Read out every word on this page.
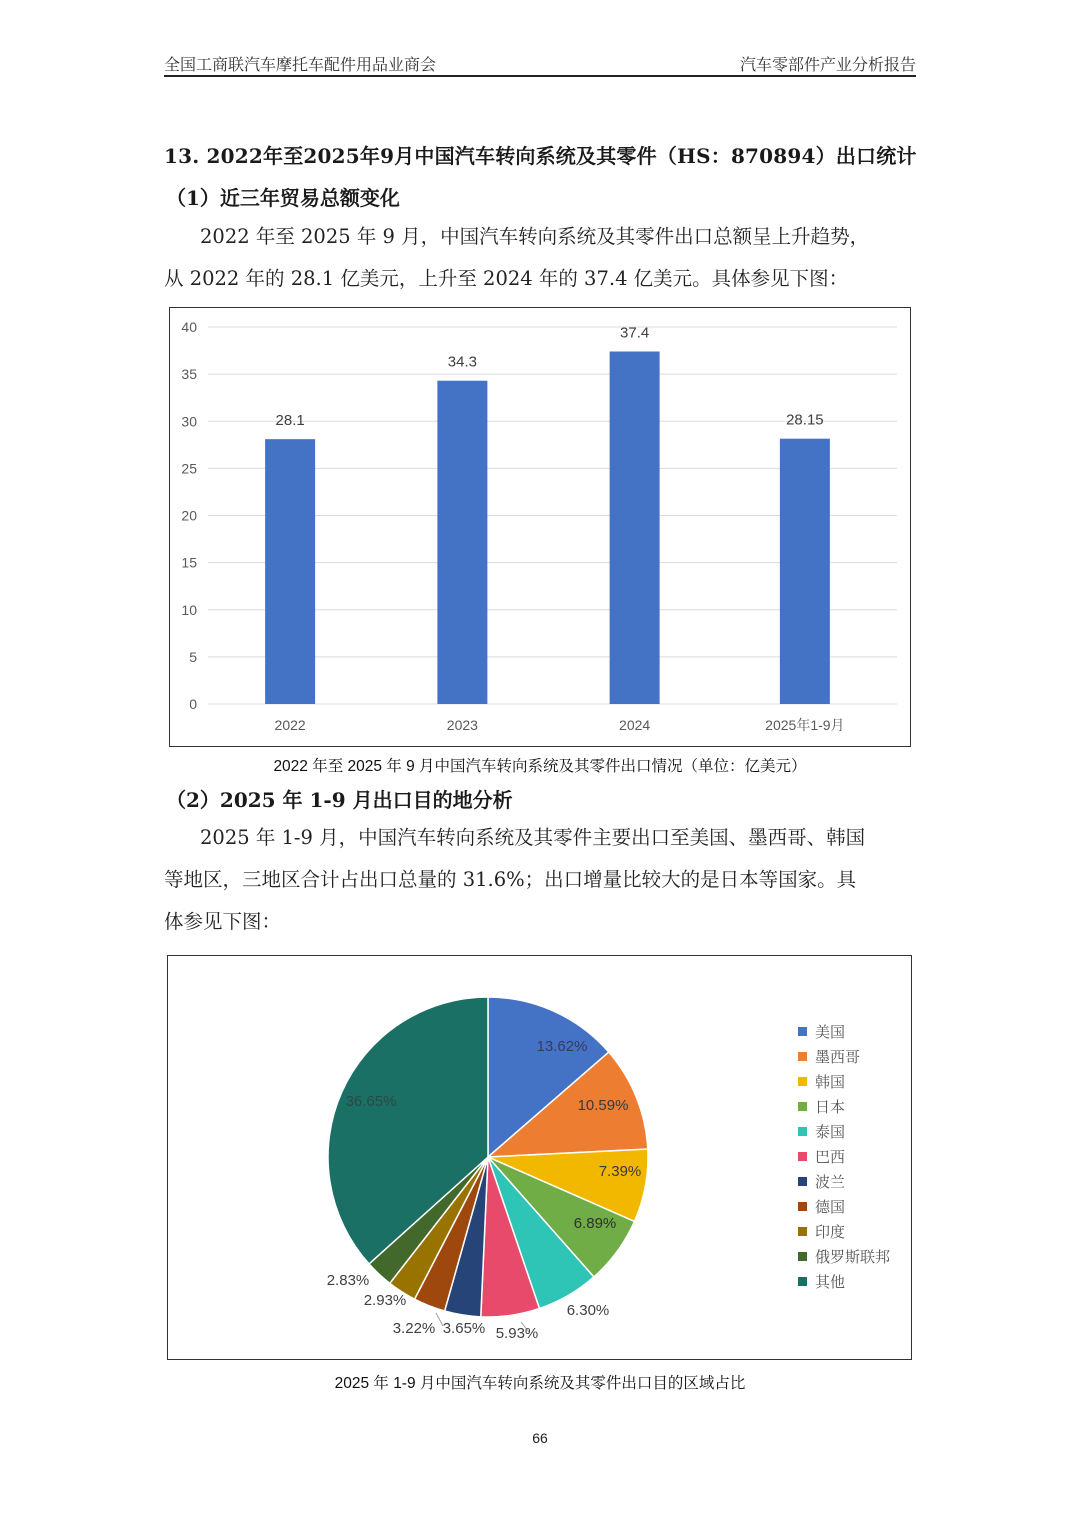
全国工商联汽车摩托车配件用品业商会	汽车零部件产业分析报告
13. 2022年至2025年9月中国汽车转向系统及其零件（HS：870894）出口统计
（1）近三年贸易总额变化
2022 年至 2025 年 9 月，中国汽车转向系统及其零件出口总额呈上升趋势，
从 2022 年的 28.1 亿美元，上升至 2024 年的 37.4 亿美元。具体参见下图：
0
5
10
15
20
25
30
35
40
28.1
2022
34.3
2023
37.4
2024
28.15
2025年1-9月
2022 年至 2025 年 9 月中国汽车转向系统及其零件出口情况（单位：亿美元）
（2）2025 年 1-9 月出口目的地分析
2025 年 1-9 月，中国汽车转向系统及其零件主要出口至美国、墨西哥、韩国
等地区，三地区合计占出口总量的 31.6%；出口增量比较大的是日本等国家。具
体参见下图：
13.62%
10.59%
7.39%
6.89%
6.30%
5.93%
3.65%
3.22%
2.93%
2.83%
36.65%
美国
墨西哥
韩国
日本
泰国
巴西
波兰
德国
印度
俄罗斯联邦
其他
2025 年 1-9 月中国汽车转向系统及其零件出口目的区域占比
66
